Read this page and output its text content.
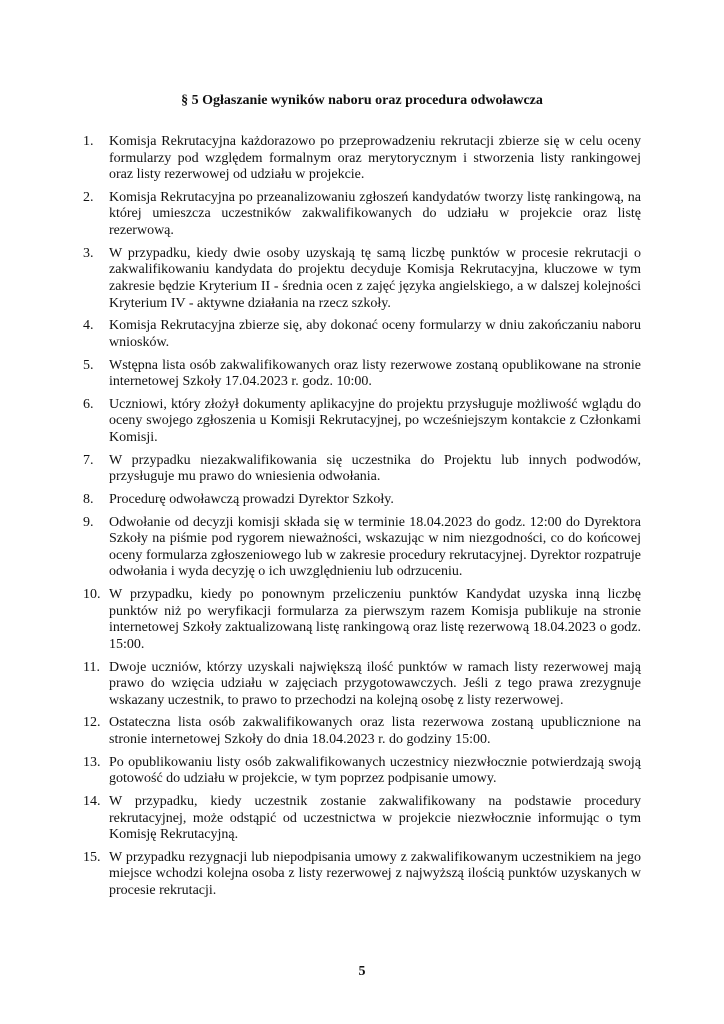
§ 5 Ogłaszanie wyników naboru oraz procedura odwoławcza
1.	Komisja Rekrutacyjna każdorazowo po przeprowadzeniu rekrutacji zbierze się w celu oceny formularzy pod względem formalnym oraz merytorycznym i stworzenia listy rankingowej oraz listy rezerwowej od udziału w projekcie.
2.	Komisja Rekrutacyjna po przeanalizowaniu zgłoszeń kandydatów tworzy listę rankingową, na której umieszcza uczestników zakwalifikowanych do udziału w projekcie oraz listę rezerwową.
3.	W przypadku, kiedy dwie osoby uzyskają tę samą liczbę punktów w procesie rekrutacji o zakwalifikowaniu kandydata do projektu decyduje Komisja Rekrutacyjna, kluczowe w tym zakresie będzie Kryterium II - średnia ocen z zajęć języka angielskiego, a w dalszej kolejności Kryterium IV - aktywne działania na rzecz szkoły.
4.	Komisja Rekrutacyjna zbierze się, aby dokonać oceny formularzy w dniu zakończaniu naboru wniosków.
5.	Wstępna lista osób zakwalifikowanych oraz listy rezerwowe zostaną opublikowane na stronie internetowej Szkoły 17.04.2023 r. godz. 10:00.
6.	Uczniowi, który złożył dokumenty aplikacyjne do projektu przysługuje możliwość wglądu do oceny swojego zgłoszenia u Komisji Rekrutacyjnej, po wcześniejszym kontakcie z Członkami Komisji.
7.	W przypadku niezakwalifikowania się uczestnika do Projektu lub innych podwodów, przysługuje mu prawo do wniesienia odwołania.
8.	Procedurę odwoławczą prowadzi Dyrektor Szkoły.
9.	Odwołanie od decyzji komisji składa się w terminie 18.04.2023 do godz. 12:00 do Dyrektora Szkoły na piśmie pod rygorem nieważności, wskazując w nim niezgodności, co do końcowej oceny formularza zgłoszeniowego lub w zakresie procedury rekrutacyjnej. Dyrektor rozpatruje odwołania i wyda decyzję o ich uwzględnieniu lub odrzuceniu.
10. W przypadku, kiedy po ponownym przeliczeniu punktów Kandydat uzyska inną liczbę punktów niż po weryfikacji formularza za pierwszym razem Komisja publikuje na stronie internetowej Szkoły zaktualizowaną listę rankingową oraz listę rezerwową 18.04.2023 o godz. 15:00.
11. Dwoje uczniów, którzy uzyskali największą ilość punktów w ramach listy rezerwowej mają prawo do wzięcia udziału w zajęciach przygotowawczych. Jeśli z tego prawa zrezygnuje wskazany uczestnik, to prawo to przechodzi na kolejną osobę z listy rezerwowej.
12. Ostateczna lista osób zakwalifikowanych oraz lista rezerwowa zostaną upublicznione na stronie internetowej Szkoły do dnia 18.04.2023 r. do godziny 15:00.
13. Po opublikowaniu listy osób zakwalifikowanych uczestnicy niezwłocznie potwierdzają swoją gotowość do udziału w projekcie, w tym poprzez podpisanie umowy.
14. W przypadku, kiedy uczestnik zostanie zakwalifikowany na podstawie procedury rekrutacyjnej, może odstąpić od uczestnictwa w projekcie niezwłocznie informując o tym Komisję Rekrutacyjną.
15. W przypadku rezygnacji lub niepodpisania umowy z zakwalifikowanym uczestnikiem na jego miejsce wchodzi kolejna osoba z listy rezerwowej z najwyższą ilością punktów uzyskanych w procesie rekrutacji.
5
